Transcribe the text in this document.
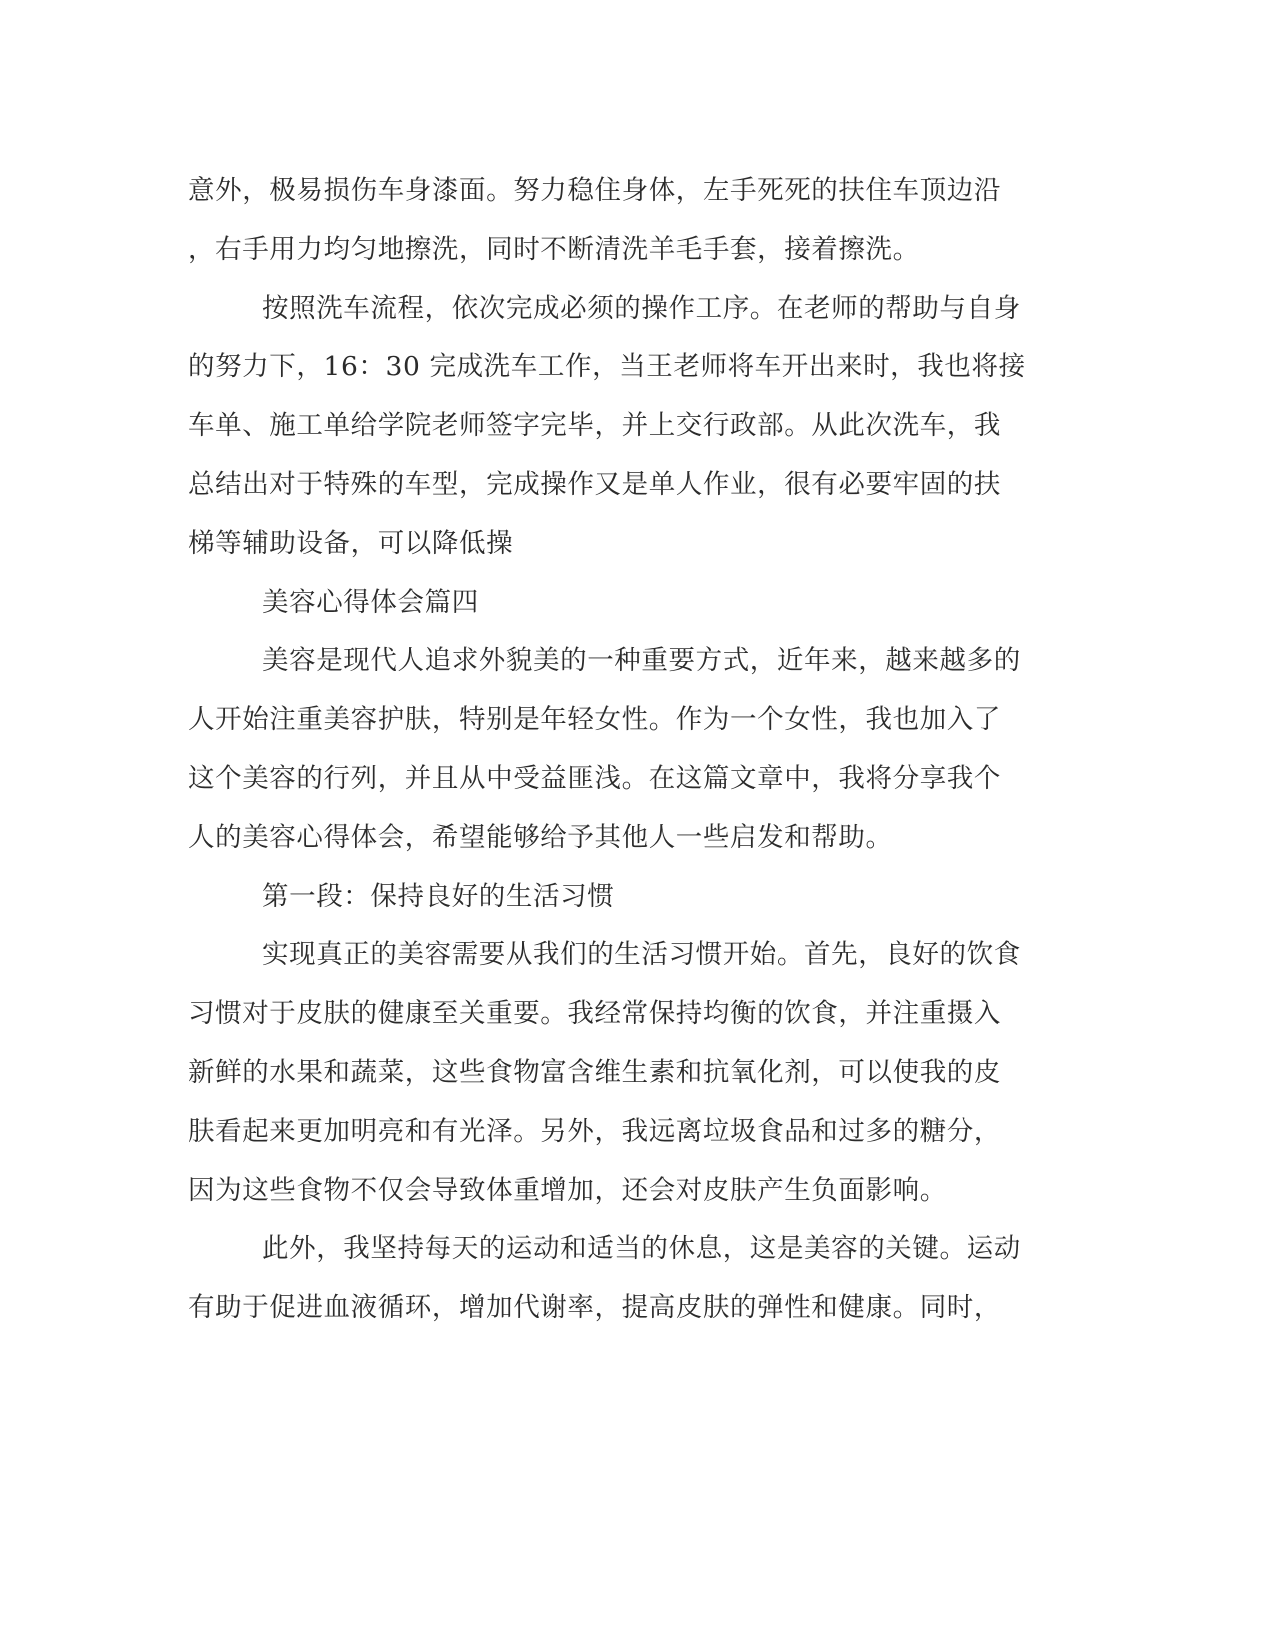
意外，极易损伤车身漆面。努力稳住身体，左手死死的扶住车顶边沿
，右手用力均匀地擦洗，同时不断清洗羊毛手套，接着擦洗。
按照洗车流程，依次完成必须的操作工序。在老师的帮助与自身
的努力下，16：30 完成洗车工作，当王老师将车开出来时，我也将接
车单、施工单给学院老师签字完毕，并上交行政部。从此次洗车，我
总结出对于特殊的车型，完成操作又是单人作业，很有必要牢固的扶
梯等辅助设备，可以降低操
美容心得体会篇四
美容是现代人追求外貌美的一种重要方式，近年来，越来越多的
人开始注重美容护肤，特别是年轻女性。作为一个女性，我也加入了
这个美容的行列，并且从中受益匪浅。在这篇文章中，我将分享我个
人的美容心得体会，希望能够给予其他人一些启发和帮助。
第一段：保持良好的生活习惯
实现真正的美容需要从我们的生活习惯开始。首先，良好的饮食
习惯对于皮肤的健康至关重要。我经常保持均衡的饮食，并注重摄入
新鲜的水果和蔬菜，这些食物富含维生素和抗氧化剂，可以使我的皮
肤看起来更加明亮和有光泽。另外，我远离垃圾食品和过多的糖分，
因为这些食物不仅会导致体重增加，还会对皮肤产生负面影响。
此外，我坚持每天的运动和适当的休息，这是美容的关键。运动
有助于促进血液循环，增加代谢率，提高皮肤的弹性和健康。同时，
